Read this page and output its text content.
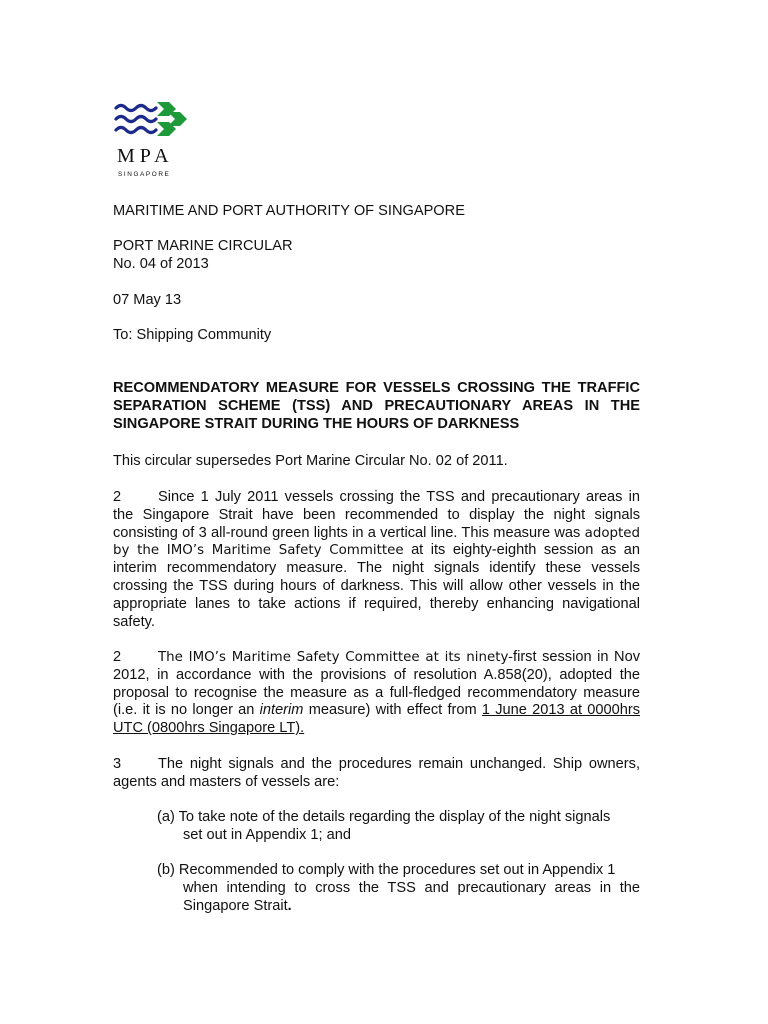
MPA
SINGAPORE

MARITIME AND PORT AUTHORITY OF SINGAPORE

PORT MARINE CIRCULAR

No. 04 of 2013

07 May 13

To: Shipping Community

RECOMMENDATORY MEASURE FOR VESSELS CROSSING THE TRAFFIC SEPARATION SCHEME (TSS) AND PRECAUTIONARY AREAS IN THE SINGAPORE STRAIT DURING THE HOURS OF DARKNESS

This circular supersedes Port Marine Circular No. 02 of 2011.

2	Since 1 July 2011 vessels crossing the TSS and precautionary areas in the Singapore Strait have been recommended to display the night signals consisting of 3 all-round green lights in a vertical line. This measure was adopted by the IMO’s Maritime Safety Committee at its eighty-eighth session as an interim recommendatory measure. The night signals identify these vessels crossing the TSS during hours of darkness. This will allow other vessels in the appropriate lanes to take actions if required, thereby enhancing navigational safety.

2	The IMO’s Maritime Safety Committee at its ninety-first session in Nov 2012, in accordance with the provisions of resolution A.858(20), adopted the proposal to recognise the measure as a full-fledged recommendatory measure (i.e. it is no longer an interim measure) with effect from 1 June 2013 at 0000hrs UTC (0800hrs Singapore LT).

3	The night signals and the procedures remain unchanged. Ship owners, agents and masters of vessels are:

(a) To take note of the details regarding the display of the night signals
set out in Appendix 1; and
(b) Recommended to comply with the procedures set out in Appendix 1
when intending to cross the TSS and precautionary areas in the Singapore Strait.
